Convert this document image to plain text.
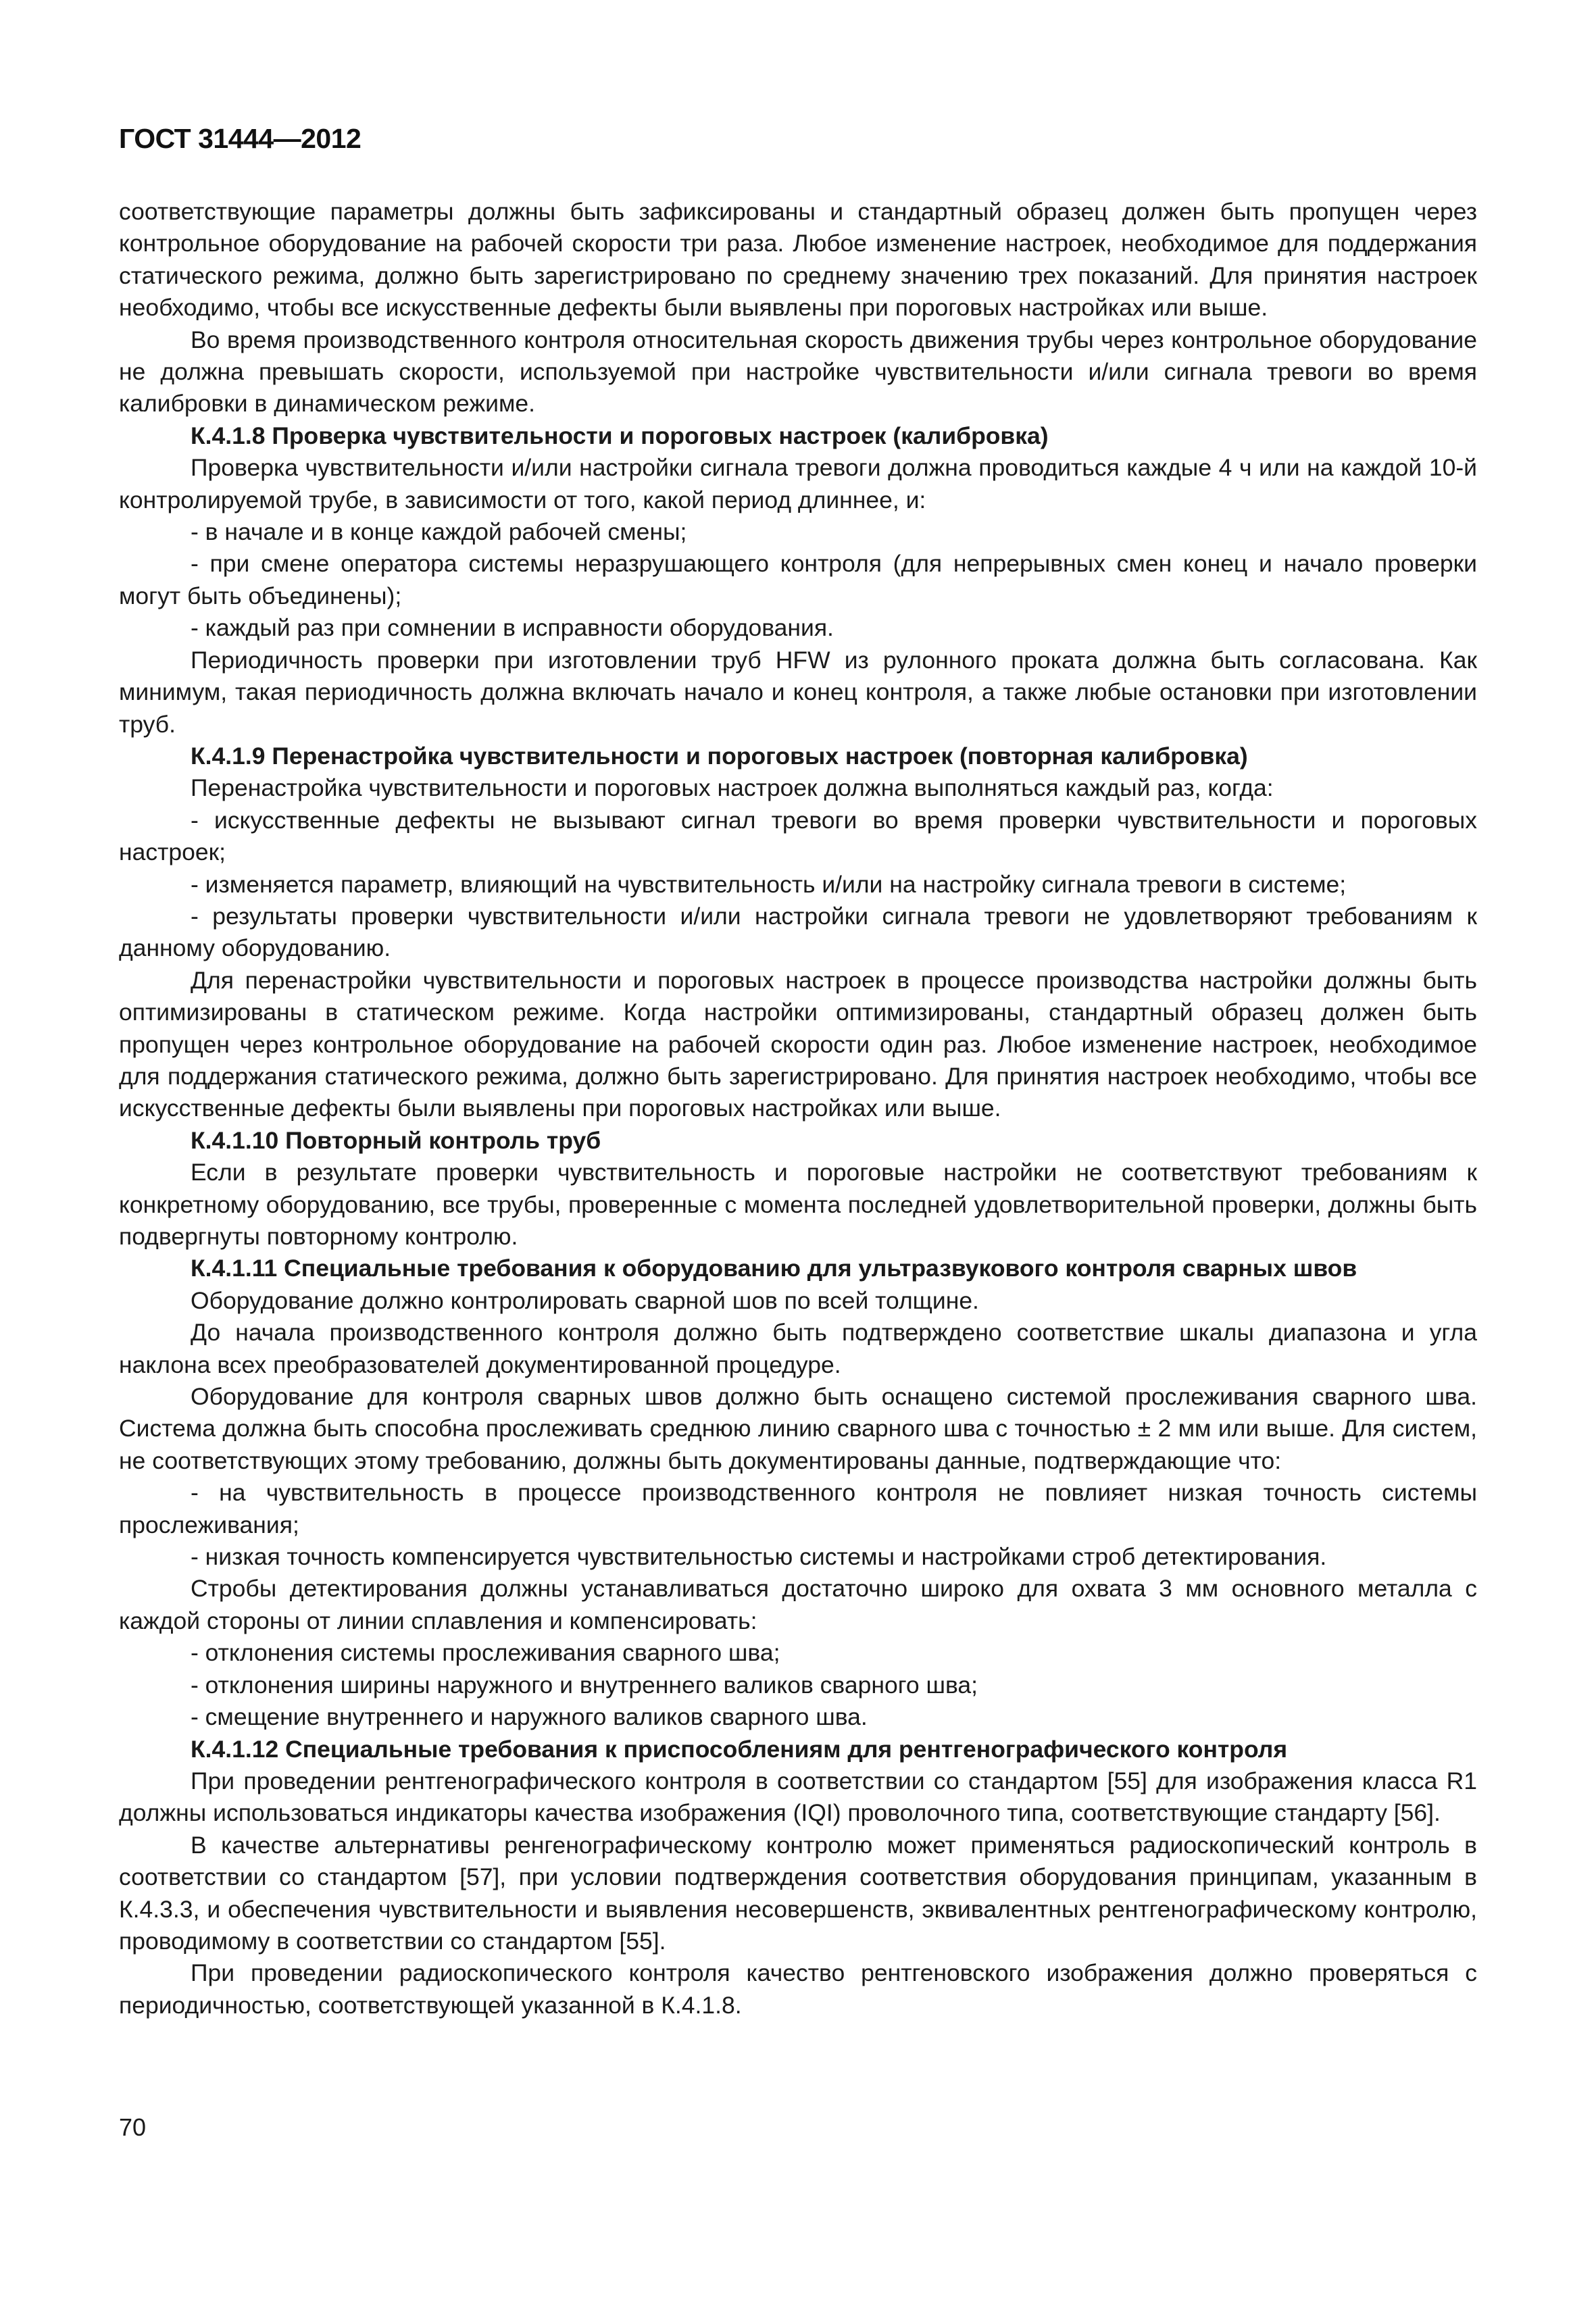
ГОСТ 31444—2012

соответствующие параметры должны быть зафиксированы и стандартный образец должен быть пропущен через контрольное оборудование на рабочей скорости три раза. Любое изменение настроек, необходимое для поддержания статического режима, должно быть зарегистрировано по среднему значению трех показаний. Для принятия настроек необходимо, чтобы все искусственные дефекты были выявлены при пороговых настройках или выше.

Во время производственного контроля относительная скорость движения трубы через контрольное оборудование не должна превышать скорости, используемой при настройке чувствительности и/или сигнала тревоги во время калибровки в динамическом режиме.

К.4.1.8 Проверка чувствительности и пороговых настроек (калибровка)

Проверка чувствительности и/или настройки сигнала тревоги должна проводиться каждые 4 ч или на каждой 10-й контролируемой трубе, в зависимости от того, какой период длиннее, и:

- в начале и в конце каждой рабочей смены;

- при смене оператора системы неразрушающего контроля (для непрерывных смен конец и начало проверки могут быть объединены);

- каждый раз при сомнении в исправности оборудования.

Периодичность проверки при изготовлении труб HFW из рулонного проката должна быть согласована. Как минимум, такая периодичность должна включать начало и конец контроля, а также любые остановки при изготовлении труб.

К.4.1.9 Перенастройка чувствительности и пороговых настроек (повторная калибровка)

Перенастройка чувствительности и пороговых настроек должна выполняться каждый раз, когда:

- искусственные дефекты не вызывают сигнал тревоги во время проверки чувствительности и пороговых настроек;

- изменяется параметр, влияющий на чувствительность и/или на настройку сигнала тревоги в системе;

- результаты проверки чувствительности и/или настройки сигнала тревоги не удовлетворяют требованиям к данному оборудованию.

Для перенастройки чувствительности и пороговых настроек в процессе производства настройки должны быть оптимизированы в статическом режиме. Когда настройки оптимизированы, стандартный образец должен быть пропущен через контрольное оборудование на рабочей скорости один раз. Любое изменение настроек, необходимое для поддержания статического режима, должно быть зарегистрировано. Для принятия настроек необходимо, чтобы все искусственные дефекты были выявлены при пороговых настройках или выше.

К.4.1.10 Повторный контроль труб

Если в результате проверки чувствительность и пороговые настройки не соответствуют требованиям к конкретному оборудованию, все трубы, проверенные с момента последней удовлетворительной проверки, должны быть подвергнуты повторному контролю.

К.4.1.11 Специальные требования к оборудованию для ультразвукового контроля сварных швов

Оборудование должно контролировать сварной шов по всей толщине.

До начала производственного контроля должно быть подтверждено соответствие шкалы диапазона и угла наклона всех преобразователей документированной процедуре.

Оборудование для контроля сварных швов должно быть оснащено системой прослеживания сварного шва. Система должна быть способна прослеживать среднюю линию сварного шва с точностью ± 2 мм или выше. Для систем, не соответствующих этому требованию, должны быть документированы данные, подтверждающие что:

- на чувствительность в процессе производственного контроля не повлияет низкая точность системы прослеживания;

- низкая точность компенсируется чувствительностью системы и настройками строб детектирования.

Стробы детектирования должны устанавливаться достаточно широко для охвата 3 мм основного металла с каждой стороны от линии сплавления и компенсировать:

- отклонения системы прослеживания сварного шва;

- отклонения ширины наружного и внутреннего валиков сварного шва;

- смещение внутреннего и наружного валиков сварного шва.

К.4.1.12 Специальные требования к приспособлениям для рентгенографического контроля

При проведении рентгенографического контроля в соответствии со стандартом [55] для изображения класса R1 должны использоваться индикаторы качества изображения (IQI) проволочного типа, соответствующие стандарту [56].

В качестве альтернативы ренгенографическому контролю может применяться радиоскопический контроль в соответствии со стандартом [57], при условии подтверждения соответствия оборудования принципам, указанным в К.4.3.3, и обеспечения чувствительности и выявления несовершенств, эквивалентных рентгенографическому контролю, проводимому в соответствии со стандартом [55].

При проведении радиоскопического контроля качество рентгеновского изображения должно проверяться с периодичностью, соответствующей указанной в К.4.1.8.

70
